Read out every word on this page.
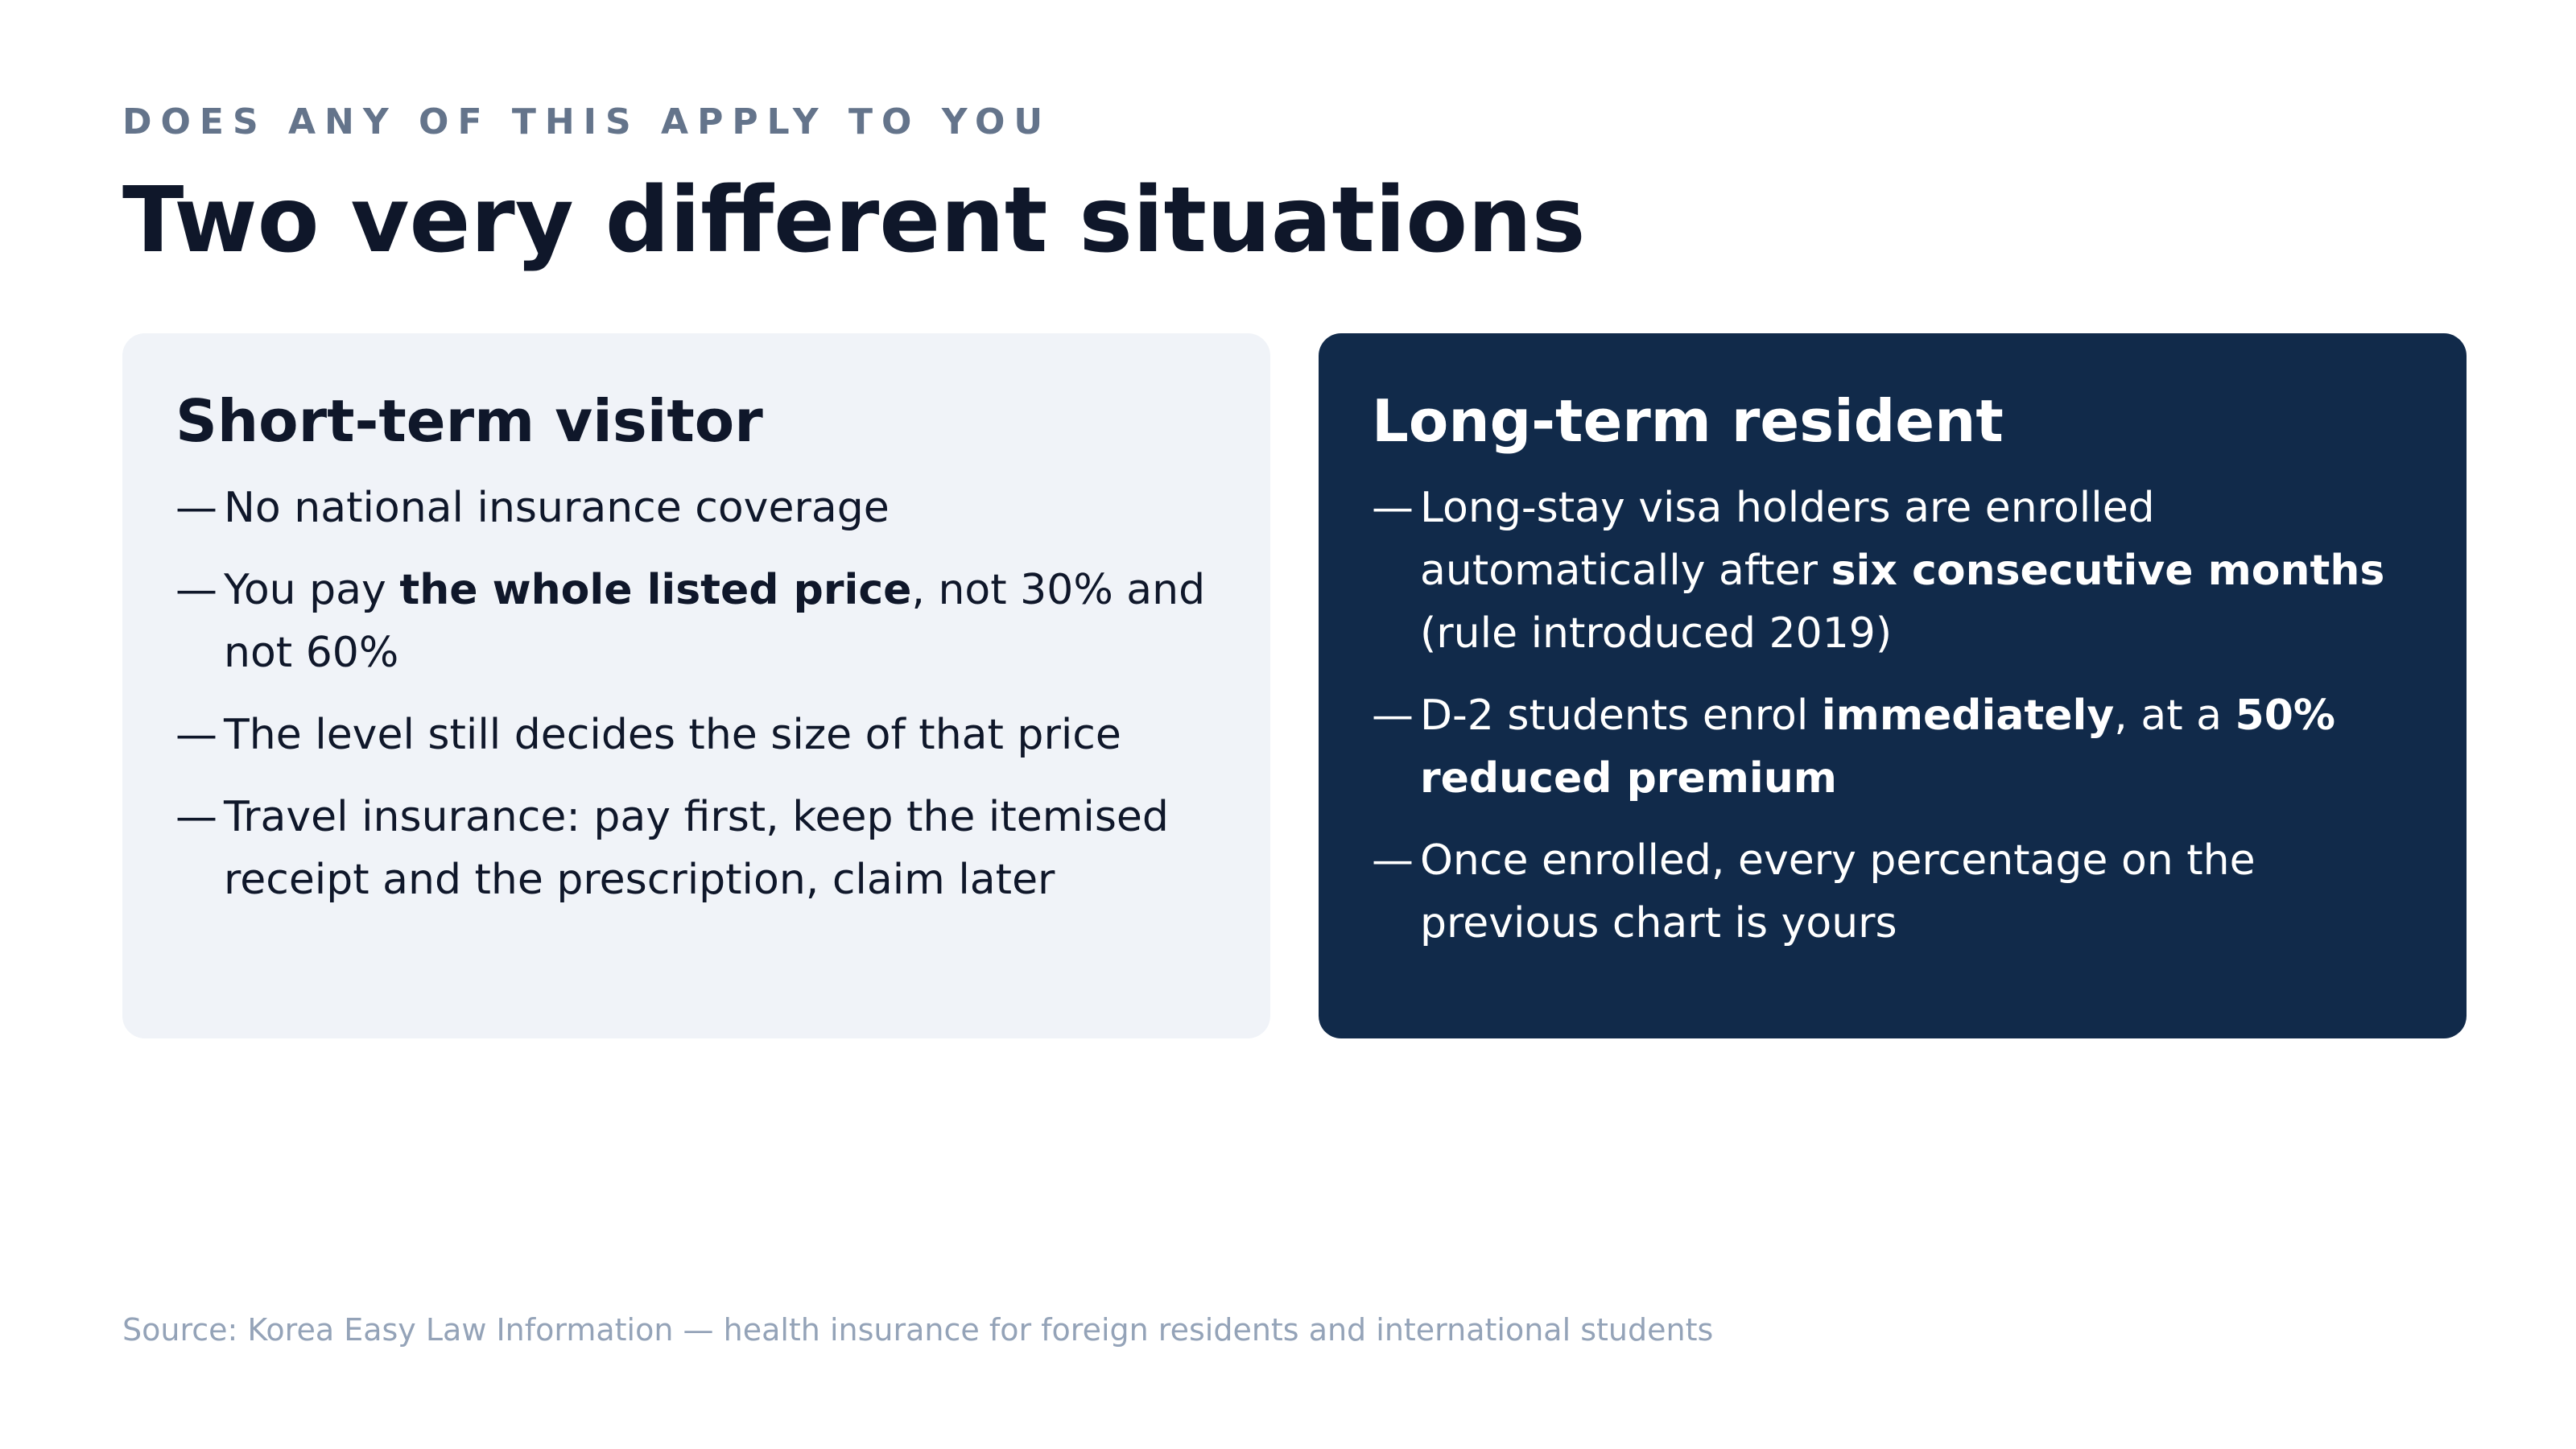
DOES ANY OF THIS APPLY TO YOU
Two very different situations
Short-term visitor
— No national insurance coverage
— You pay the whole listed price, not 30% and not 60%
— The level still decides the size of that price
— Travel insurance: pay first, keep the itemised receipt and the prescription, claim later
Long-term resident
— Long-stay visa holders are enrolled automatically after six consecutive months (rule introduced 2019)
— D-2 students enrol immediately, at a 50% reduced premium
— Once enrolled, every percentage on the previous chart is yours
Source: Korea Easy Law Information — health insurance for foreign residents and international students
